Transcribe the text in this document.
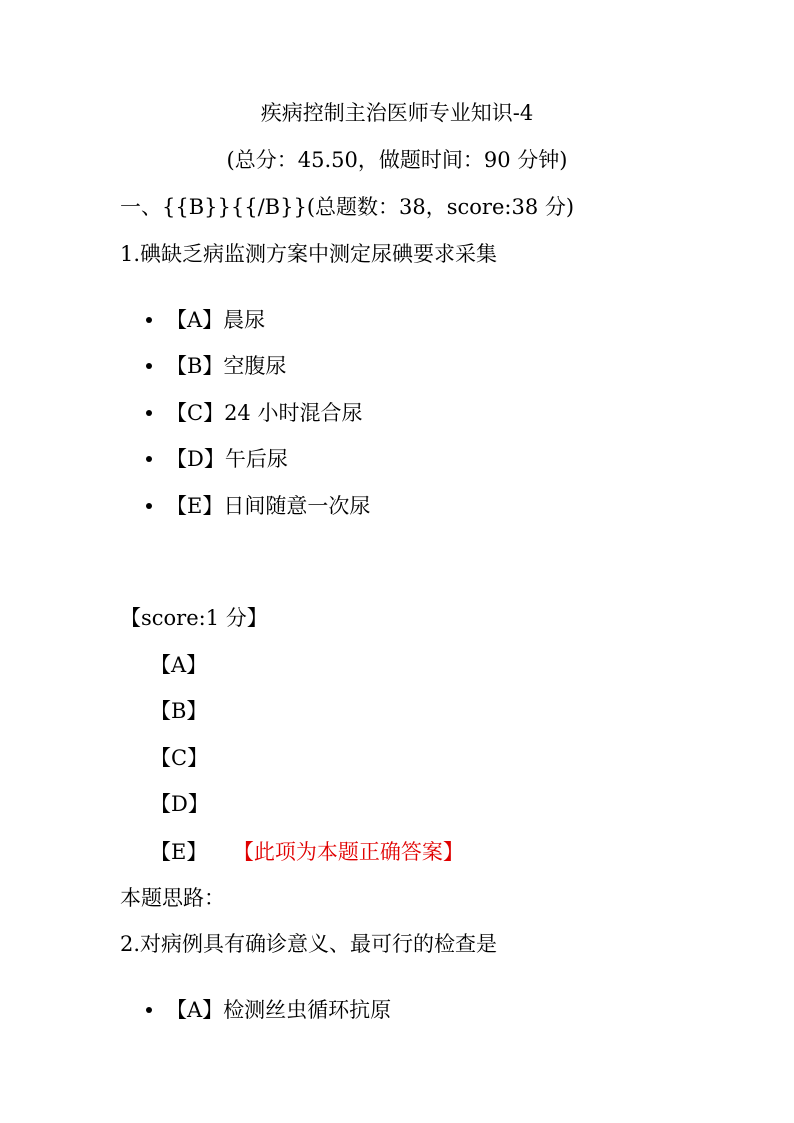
疾病控制主治医师专业知识-4
(总分：45.50，做题时间：90 分钟)
一、{{B}}{{/B}}(总题数：38，score:38 分)
1.碘缺乏病监测方案中测定尿碘要求采集
【A】晨尿
【B】空腹尿
【C】24 小时混合尿
【D】午后尿
【E】日间随意一次尿
【score:1 分】
【A】
【B】
【C】
【D】
【E】 【此项为本题正确答案】
本题思路：
2.对病例具有确诊意义、最可行的检查是
【A】检测丝虫循环抗原
